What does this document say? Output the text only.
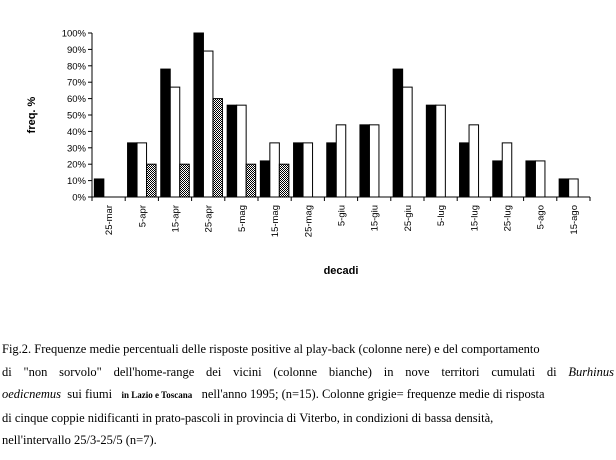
0%
10%
20%
30%
40%
50%
60%
70%
80%
90%
100%
25-mar 5-apr 15-apr 25-apr 5-mag 15-mag 25-mag 5-giu 15-giu 25-giu 5-lug 15-lug 25-lug 5-ago 15-ago
freq. %
decadi
Fig.2. Frequenze medie percentuali delle risposte positive al play-back (colonne nere) e del comportamento
di "non sorvolo" dell'home-range dei vicini (colonne bianche) in nove territori cumulati di Burhinus
oedicnemus sui fiumi in Lazio e Toscana nell'anno 1995; (n=15). Colonne grigie= frequenze medie di risposta
di cinque coppie nidificanti in prato-pascoli in provincia di Viterbo, in condizioni di bassa densità,
nell'intervallo 25/3-25/5 (n=7).
